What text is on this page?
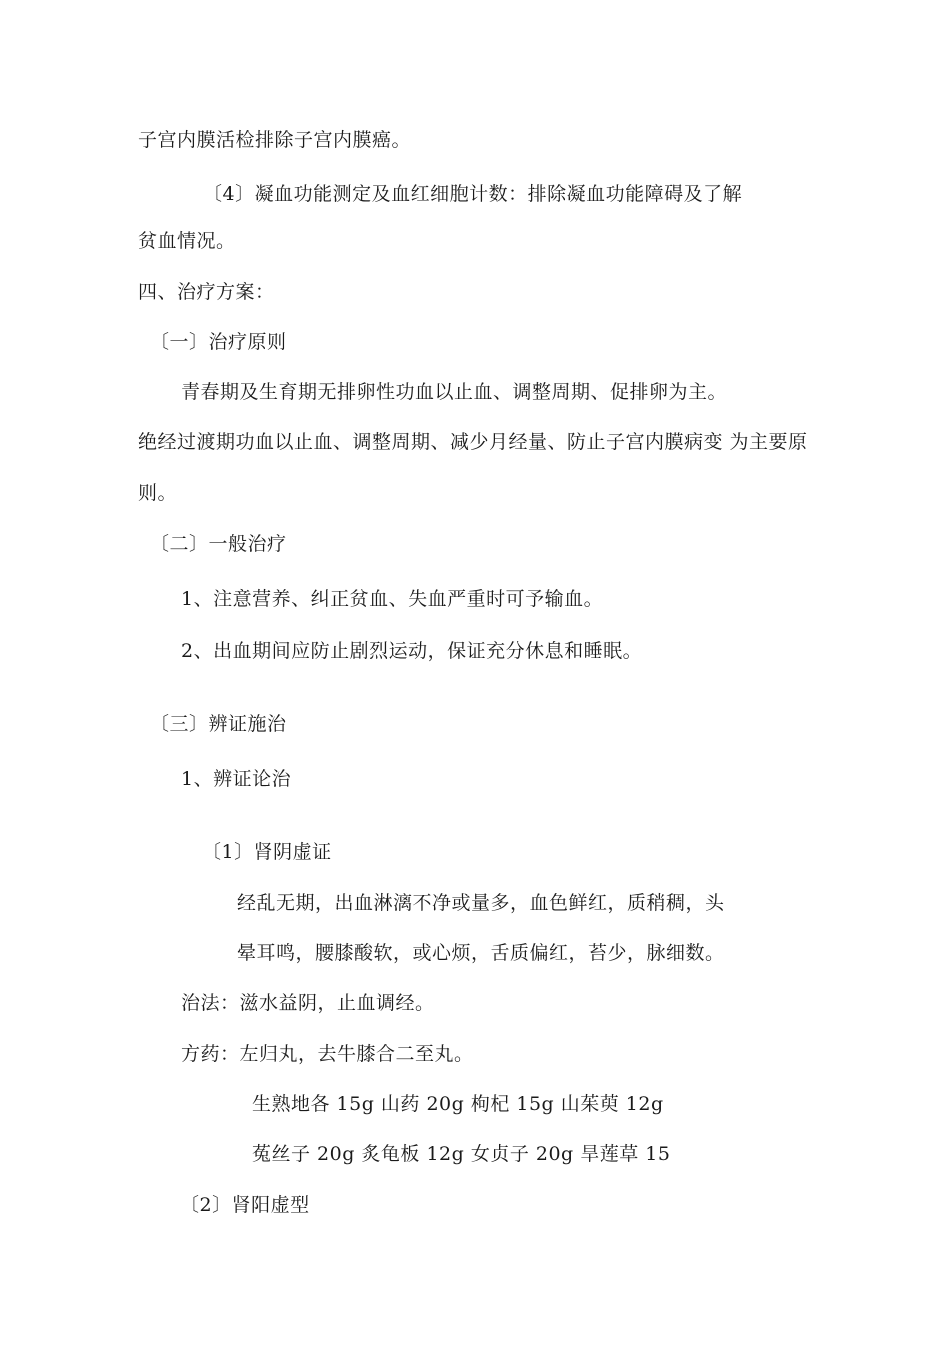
子宫内膜活检排除子宫内膜癌。
〔4〕凝血功能测定及血红细胞计数：排除凝血功能障碍及了解
贫血情况。
四、治疗方案：
〔一〕治疗原则
青春期及生育期无排卵性功血以止血、调整周期、促排卵为主。
绝经过渡期功血以止血、调整周期、减少月经量、防止子宫内膜病变 为主要原
则。
〔二〕一般治疗
1、注意营养、纠正贫血、失血严重时可予输血。
2、出血期间应防止剧烈运动，保证充分休息和睡眠。
〔三〕辨证施治
1、辨证论治
〔1〕肾阴虚证
经乱无期，出血淋漓不净或量多，血色鲜红，质稍稠，头
晕耳鸣，腰膝酸软，或心烦，舌质偏红，苔少，脉细数。
治法：滋水益阴，止血调经。
方药：左归丸，去牛膝合二至丸。
生熟地各 15g 山药 20g 枸杞 15g 山茱萸 12g
菟丝子 20g 炙龟板 12g 女贞子 20g 旱莲草 15
〔2〕肾阳虚型
